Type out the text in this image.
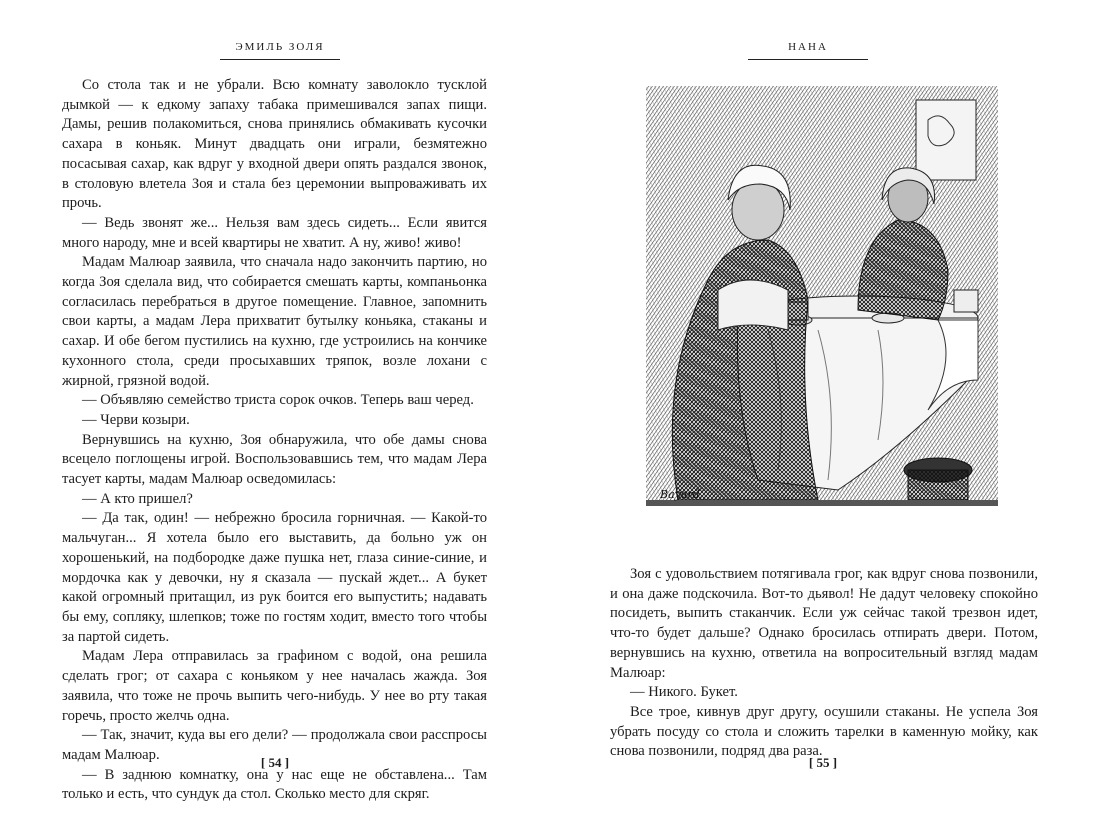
ЭМИЛЬ ЗОЛЯ

Со стола так и не убрали. Всю комнату заволокло тусклой дымкой — к едкому запаху табака примешивался запах пищи. Дамы, решив полакомиться, снова принялись обмакивать кусочки сахара в коньяк. Минут двадцать они играли, безмятежно посасывая сахар, как вдруг у входной двери опять раздался звонок, в столовую влетела Зоя и стала без церемонии выпроваживать их прочь.

— Ведь звонят же... Нельзя вам здесь сидеть... Если явится много народу, мне и всей квартиры не хватит. А ну, живо! живо!

Мадам Малюар заявила, что сначала надо закончить партию, но когда Зоя сделала вид, что собирается смешать карты, компаньонка согласилась перебраться в другое помещение. Главное, запомнить свои карты, а мадам Лера прихватит бутылку коньяка, стаканы и сахар. И обе бегом пустились на кухню, где устроились на кончике кухонного стола, среди просыхавших тряпок, возле лохани с жирной, грязной водой.

— Объявляю семейство триста сорок очков. Теперь ваш черед.

— Черви козыри.

Вернувшись на кухню, Зоя обнаружила, что обе дамы снова всецело поглощены игрой. Воспользовавшись тем, что мадам Лера тасует карты, мадам Малюар осведомилась:

— А кто пришел?

— Да так, один! — небрежно бросила горничная. — Какой-то мальчуган... Я хотела было его выставить, да больно уж он хорошенький, на подбородке даже пушка нет, глаза синие-синие, и мордочка как у девочки, ну я сказала — пускай ждет... А букет какой огромный притащил, из рук боится его выпустить; надавать бы ему, сопляку, шлепков; тоже по гостям ходит, вместо того чтобы за партой сидеть.

Мадам Лера отправилась за графином с водой, она решила сделать грог; от сахара с коньяком у нее началась жажда. Зоя заявила, что тоже не прочь выпить чего-нибудь. У нее во рту такая горечь, просто желчь одна.

— Так, значит, куда вы его дели? — продолжала свои расспросы мадам Малюар.

— В заднюю комнатку, она у нас еще не обставлена... Там только и есть, что сундук да стол. Сколько место для скряг.

[ 54 ]
НАНА
Bayard

Зоя с удовольствием потягивала грог, как вдруг снова позвонили, и она даже подскочила. Вот-то дьявол! Не дадут человеку спокойно посидеть, выпить стаканчик. Если уж сейчас такой трезвон идет, что-то будет дальше? Однако бросилась отпирать двери. Потом, вернувшись на кухню, ответила на вопросительный взгляд мадам Малюар:

— Никого. Букет.

Все трое, кивнув друг другу, осушили стаканы. Не успела Зоя убрать посуду со стола и сложить тарелки в каменную мойку, как снова позвонили, подряд два раза.

[ 55 ]
